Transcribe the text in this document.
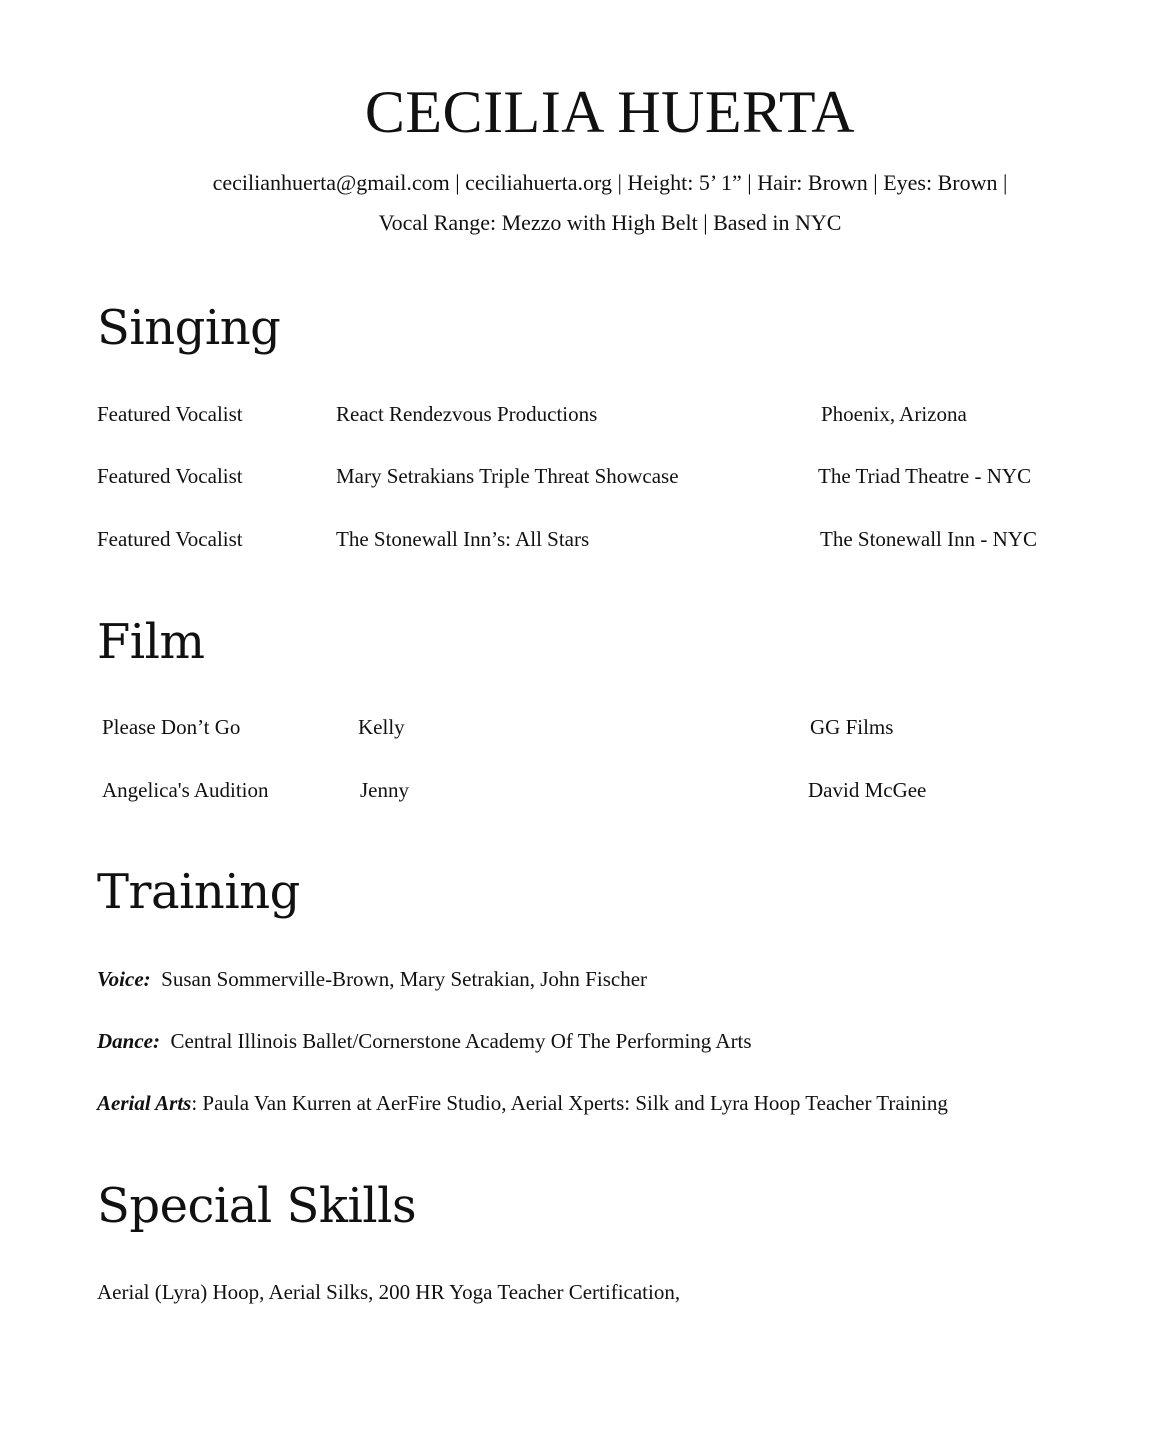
CECILIA HUERTA
cecilianhuerta@gmail.com | ceciliahuerta.org | Height: 5’ 1” | Hair: Brown | Eyes: Brown |
Vocal Range: Mezzo with High Belt | Based in NYC
Singing
Featured Vocalist	React Rendezvous Productions	Phoenix, Arizona
Featured Vocalist	Mary Setrakians Triple Threat Showcase	The Triad Theatre - NYC
Featured Vocalist	The Stonewall Inn’s: All Stars	The Stonewall Inn - NYC
Film
Please Don’t Go	Kelly	GG Films
Angelica's Audition	Jenny	David McGee
Training
Voice: Susan Sommerville-Brown, Mary Setrakian, John Fischer
Dance: Central Illinois Ballet/Cornerstone Academy Of The Performing Arts
Aerial Arts: Paula Van Kurren at AerFire Studio, Aerial Xperts: Silk and Lyra Hoop Teacher Training
Special Skills
Aerial (Lyra) Hoop, Aerial Silks, 200 HR Yoga Teacher Certification,
